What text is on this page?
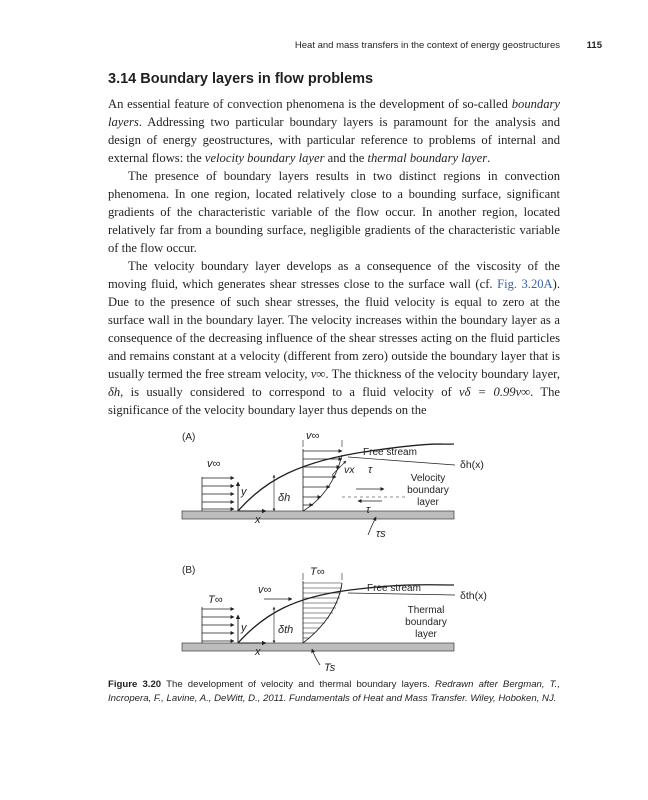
Heat and mass transfers in the context of energy geostructures	115
3.14 Boundary layers in flow problems

An essential feature of convection phenomena is the development of so-called boundary layers. Addressing two particular boundary layers is paramount for the analysis and design of energy geostructures, with particular reference to problems of internal and external flows: the velocity boundary layer and the thermal boundary layer.

The presence of boundary layers results in two distinct regions in convection phenomena. In one region, located relatively close to a bounding surface, significant gradients of the characteristic variable of the flow occur. In another region, located relatively far from a bounding surface, negligible gradients of the characteristic variable of the flow occur.

The velocity boundary layer develops as a consequence of the viscosity of the moving fluid, which generates shear stresses close to the surface wall (cf. Fig. 3.20A). Due to the presence of such shear stresses, the fluid velocity is equal to zero at the surface wall in the boundary layer. The velocity increases within the boundary layer as a consequence of the decreasing influence of the shear stresses acting on the fluid particles and remains constant at a velocity (different from zero) outside the boundary layer that is usually termed the free stream velocity, v∞. The thickness of the velocity boundary layer, δh, is usually considered to correspond to a fluid velocity of vδ = 0.99v∞. The significance of the velocity boundary layer thus depends on the

(A)	v∞
v∞
Free stream
δh(x)
y
x
δh
vx τ
τ
Velocity
boundary
layer
τs
(B)	T∞
T∞
v∞	Free stream
δth(x)
y
x
δth
Thermal
boundary
layer
Ts
Figure 3.20 The development of velocity and thermal boundary layers. Redrawn after Bergman, T., Incropera, F., Lavine, A., DeWitt, D., 2011. Fundamentals of Heat and Mass Transfer. Wiley, Hoboken, NJ.
